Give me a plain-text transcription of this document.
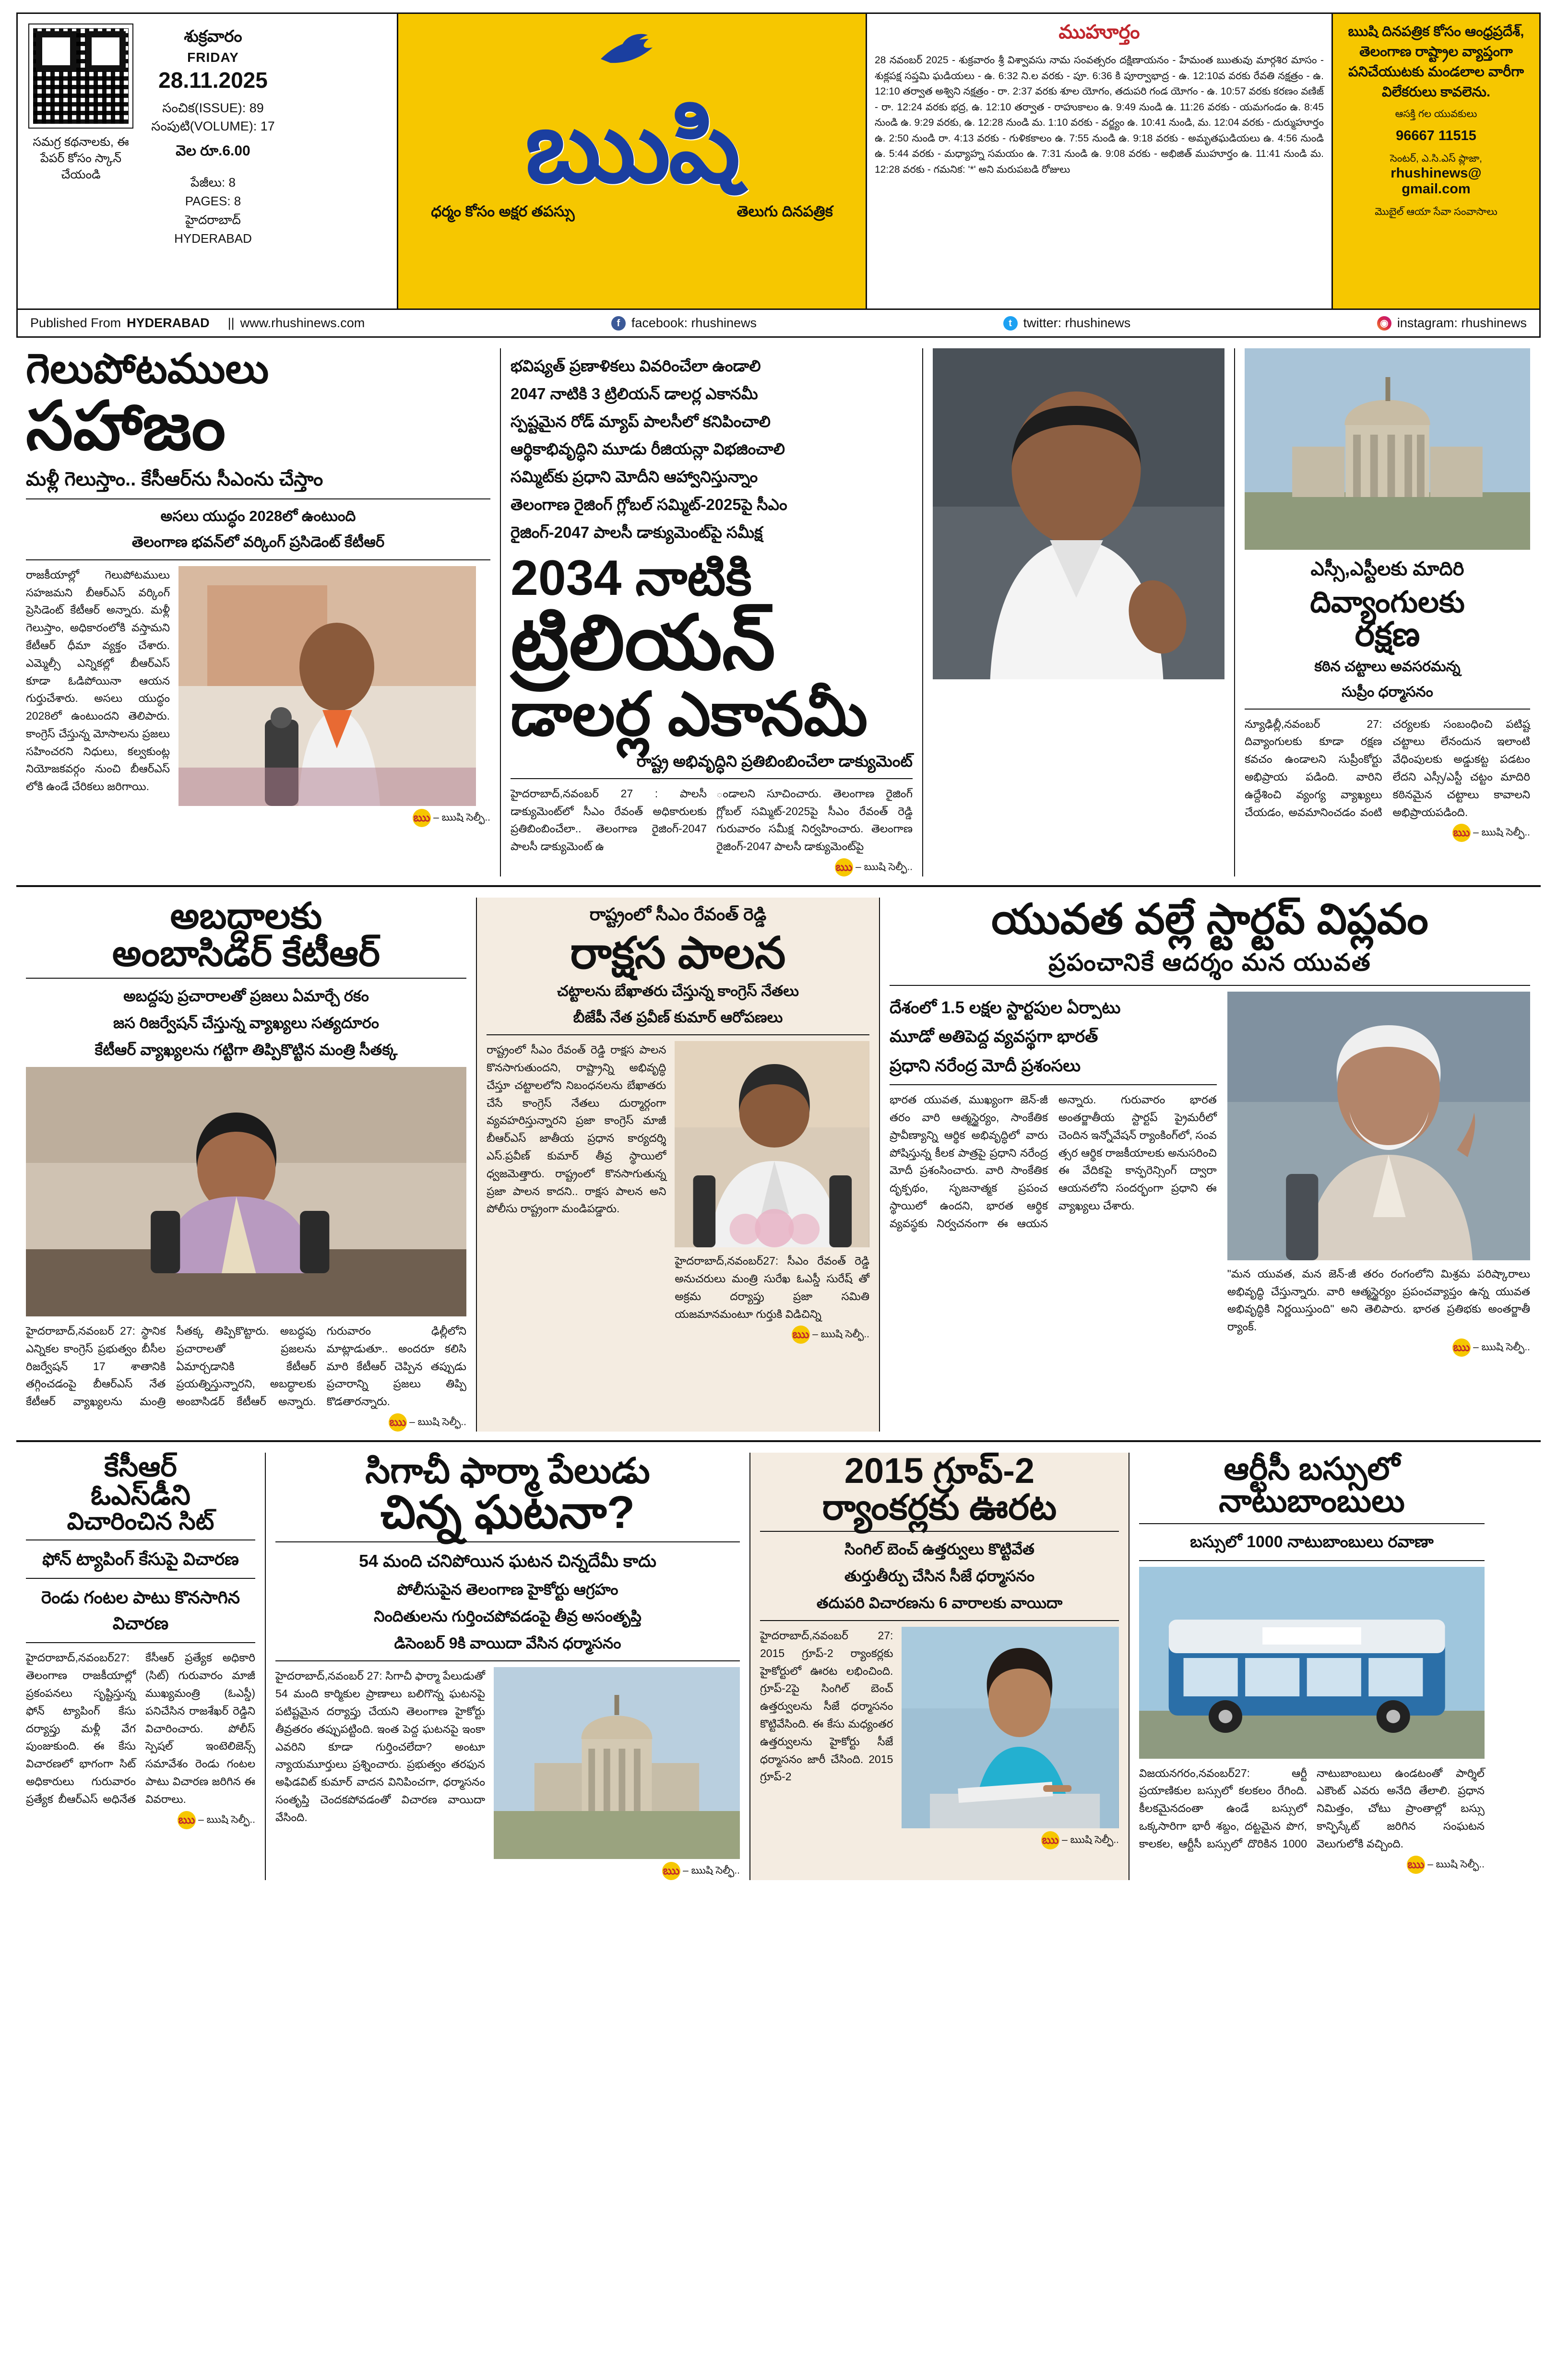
సమగ్ర కథనాలకు, ఈ పేపర్ కోసం స్కాన్ చేయండి
శుక్రవారం
FRIDAY
28.11.2025
సంచిక(ISSUE): 89
సంపుటి(VOLUME): 17
వెల రూ.6.00
పేజీలు: 8
PAGES: 8
హైదరాబాద్
HYDERABAD
ఋషి
ధర్మం కోసం అక్షర తపస్సు	తెలుగు దినపత్రిక
ముహూర్తం
28 నవంబర్ 2025 - శుక్రవారం శ్రీ విశ్వావసు నామ సంవత్సరం దక్షిణాయనం - హేమంత ఋతువు మార్గశిర మాసం - శుక్లపక్ష సప్తమి ఘడియలు - ఉ. 6:32 ని.ల వరకు - పూ. 6:36 కి పూర్వాభాద్ర - ఉ. 12:10వ వరకు రేవతి నక్షత్రం - ఉ. 12:10 తర్వాత అశ్విని నక్షత్రం - రా. 2:37 వరకు శూల యోగం, తదుపరి గండ యోగం - ఉ. 10:57 వరకు కరణం వణిజ్ - రా. 12:24 వరకు భద్ర, ఉ. 12:10 తర్వాత - రాహుకాలం ఉ. 9:49 నుండి ఉ. 11:26 వరకు - యమగండం ఉ. 8:45 నుండి ఉ. 9:29 వరకు, ఉ. 12:28 నుండి మ. 1:10 వరకు - వర్జ్యం ఉ. 10:41 నుండి, మ. 12:04 వరకు - దుర్ముహూర్తం ఉ. 2:50 నుండి రా. 4:13 వరకు - గుళికకాలం ఉ. 7:55 నుండి ఉ. 9:18 వరకు - అమృతఘడియలు ఉ. 4:56 నుండి ఉ. 5:44 వరకు - మధ్యాహ్న సమయం ఉ. 7:31 నుండి ఉ. 9:08 వరకు - అభిజిత్ ముహూర్తం ఉ. 11:41 నుండి మ. 12:28 వరకు - గమనిక: '*' అని మరుపబడి రోజులు
ఋషి దినపత్రిక కోసం ఆంధ్రప్రదేశ్, తెలంగాణ రాష్ట్రాల వ్యాప్తంగా పనిచేయుటకు మండలాల వారీగా విలేకరులు కావలెను.
ఆసక్తి గల యువకులు
96667 11515
సెంటర్, ఎ.సి.ఎస్ ప్లాజా,
rhushinews@
gmail.com
మొబైల్ ఆయా సేవా సంవాసాలు
Published From HYDERABAD || www.rhushinews.com	f facebook: rhushinews	t twitter: rhushinews	◉ instagram: rhushinews
గెలుపోటములు
సహాజం
మళ్లీ గెలుస్తాం.. కేసీఆర్‌ను సీఎంను చేస్తాం
అసలు యుద్ధం 2028లో ఉంటుంది
తెలంగాణ భవన్‌లో వర్కింగ్ ప్రసిడెంట్ కేటీఆర్
రాజకీయాల్లో గెలుపోటములు సహజమని బీఆర్ఎస్ వర్కింగ్ ప్రెసిడెంట్ కేటీఆర్ అన్నారు. మళ్లీ గెలుస్తాం, అధికారంలోకి వస్తామని కేటీఆర్ ధీమా వ్యక్తం చేశారు. ఎమ్మెల్సీ ఎన్నికల్లో బీఆర్ఎస్ కూడా ఓడిపోయినా ఆయన గుర్తుచేశారు. అసలు యుద్ధం 2028లో ఉంటుందని తెలిపారు. కాంగ్రెస్ చేస్తున్న మోసాలను ప్రజలు సహించరని నిధులు, కల్వకుంట్ల నియోజకవర్గం నుంచి బీఆర్ఎస్ లోకి ఉండే చేరికలు జరిగాయి.
ఋ – ఋషి సెల్ఫీ..
భవిష్యత్ ప్రణాళికలు వివరించేలా ఉండాలి
2047 నాటికి 3 ట్రిలియన్ డాలర్ల ఎకానమీ
స్పష్టమైన రోడ్ మ్యాప్ పాలసీలో కనిపించాలి
ఆర్థికాభివృద్ధిని మూడు రీజియన్లా విభజించాలి
సమ్మిట్‌కు ప్రధాని మోదీని ఆహ్వానిస్తున్నాం
తెలంగాణ రైజింగ్ గ్లోబల్ సమ్మిట్-2025పై సీఎం
రైజింగ్-2047 పాలసీ డాక్యుమెంట్‌పై సమీక్ష
2034 నాటికి
ట్రిలియన్
డాలర్ల ఎకానమీ
రాష్ట్ర అభివృద్ధిని ప్రతిబింబించేలా డాక్యుమెంట్
హైదరాబాద్,నవంబర్ 27 : పాలసీ డాక్యుమెంట్‌లో సీఎం రేవంత్ అధికారులకు ప్రతిబింబించేలా.. తెలంగాణ రైజింగ్-2047 పాలసీ డాక్యుమెంట్ ఉ
ండాలని సూచించారు. తెలంగాణ రైజింగ్ గ్లోబల్ సమ్మిట్-2025పై సీఎం రేవంత్ రెడ్డి గురువారం సమీక్ష నిర్వహించారు. తెలంగాణ రైజింగ్-2047 పాలసీ డాక్యుమెంట్‌పై
ఋ – ఋషి సెల్ఫీ..
ఎస్సీ,ఎస్టీలకు మాదిరి
దివ్యాంగులకు
రక్షణ
కఠిన చట్టాలు అవసరమన్న
సుప్రీం ధర్మాసనం
న్యూఢిల్లీ,నవంబర్ 27: దివ్యాంగులకు కూడా రక్షణ కవచం ఉండాలని సుప్రీంకోర్టు అభిప్రాయ పడింది. వారిని ఉద్దేశించి వ్యంగ్య వ్యాఖ్యలు చేయడం, అవమానించడం వంటి చర్యలకు సంబంధించి పటిష్ట చట్టాలు లేనందున ఇలాంటి వేధింపులకు అడ్డుకట్ట పడటం లేదని ఎస్సీ/ఎస్టీ చట్టం మాదిరి కఠినమైన చట్టాలు కావాలని అభిప్రాయపడింది.
ఋ – ఋషి సెల్ఫీ..
అబద్దాలకు
అంబాసిడర్ కేటీఆర్
అబద్దపు ప్రచారాలతో ప్రజలు ఏమార్చే రకం
జస రిజర్వేషన్ చేస్తున్న వ్యాఖ్యలు సత్యదూరం
కేటీఆర్ వ్యాఖ్యలను గట్టిగా తిప్పికొట్టిన మంత్రి సీతక్క
హైదరాబాద్,నవంబర్ 27: స్థానిక ఎన్నికల కాంగ్రెస్ ప్రభుత్వం బీసీల రిజర్వేషన్ 17 శాతానికి తగ్గించడంపై బీఆర్ఎస్ నేత కేటీఆర్ వ్యాఖ్యలను మంత్రి సీతక్క తిప్పికొట్టారు. అబద్ధపు ప్రచారాలతో ప్రజలను ఏమార్చడానికి కేటీఆర్ ప్రయత్నిస్తున్నారని, అబద్ధాలకు అంబాసిడర్ కేటీఆర్ అన్నారు. గురువారం ఢిల్లీలోని మాట్లాడుతూ.. అందరూ కలిసి మారి కేటీఆర్ చెప్పిన తప్పుడు ప్రచారాన్ని ప్రజలు తిప్పి కొడతారన్నారు.
ఋ – ఋషి సెల్ఫీ..
రాష్ట్రంలో సీఎం రేవంత్ రెడ్డి
రాక్షస పాలన
చట్టాలను బేఖాతరు చేస్తున్న కాంగ్రెస్ నేతలు
బీజేపీ నేత ప్రవీణ్ కుమార్ ఆరోపణలు
రాష్ట్రంలో సీఎం రేవంత్ రెడ్డి రాక్షస పాలన కొనసాగుతుందని, రాష్ట్రాన్ని అభివృద్ధి చేస్తూ చట్టాలలోని నిబంధనలను బేఖాతరు చేసే కాంగ్రెస్ నేతలు దుర్మార్గంగా వ్యవహరిస్తున్నారని ప్రజా కాంగ్రెస్ మాజీ బీఆర్ఎస్ జాతీయ ప్రధాన కార్యదర్శి ఎస్.ప్రవీణ్ కుమార్ తీవ్ర స్థాయిలో ధ్వజమెత్తారు. రాష్ట్రంలో కొనసాగుతున్న ప్రజా పాలన కాదని.. రాక్షస పాలన అని పోలీసు రాష్ట్రంగా మండిపడ్డారు.
హైదరాబాద్,నవంబర్27: సీఎం రేవంత్ రెడ్డి అనుచరులు మంత్రి సురేఖ ఓఎస్డీ సురేష్ తో అక్రమ దర్యాప్తు ప్రజా సమితి యజమానమంటూ గుర్తుకి విడిచిన్ని
ఋ – ఋషి సెల్ఫీ..
యువత వల్లే స్టార్టప్ విప్లవం
ప్రపంచానికే ఆదర్శం మన యువత
దేశంలో 1.5 లక్షల స్టార్టపుల ఏర్పాటు
మూడో అతిపెద్ద వ్యవస్థగా భారత్
ప్రధాని నరేంద్ర మోదీ ప్రశంసలు
భారత యువత, ముఖ్యంగా జెన్-జీ తరం వారి ఆత్మస్థైర్యం, సాంకేతిక ప్రావీణ్యాన్ని ఆర్థిక అభివృద్ధిలో వారు పోషిస్తున్న కీలక పాత్రపై ప్రధాని నరేంద్ర మోదీ ప్రశంసించారు. వారి సాంకేతిక దృక్పథం, సృజనాత్మక ప్రపంచ స్థాయిలో ఉందని, భారత ఆర్థిక వ్యవస్థకు నిర్వచనంగా ఈ ఆయన అన్నారు. గురువారం భారత అంతర్జాతీయ స్టార్టప్ ప్రైమరీలో చెందిన ఇన్నోవేషన్ ర్యాంకింగ్‌లో, సంవ త్సర ఆర్థిక రాజకీయాలకు అనుసరించి ఈ వేదికపై కాన్ఫరెన్సింగ్ ద్వారా ఆయనలోని సందర్భంగా ప్రధాని ఈ వ్యాఖ్యలు చేశారు.
"మన యువత, మన జెన్-జీ తరం రంగంలోని మిశ్రమ పరిష్కారాలు అభివృద్ధి చేస్తున్నారు. వారి ఆత్మస్థైర్యం ప్రపంచవ్యాప్తం ఉన్న యువత అభివృద్ధికి నిర్ణయిస్తుంది" అని తెలిపారు. భారత ప్రతిభకు అంతర్జాతీ ర్యాంక్.
ఋ – ఋషి సెల్ఫీ..
కేసీఆర్
ఓఎస్‌డీని
విచారించిన సిట్
ఫోన్ ట్యాపింగ్ కేసుపై విచారణ
రెండు గంటల పాటు కొనసాగిన విచారణ
హైదరాబాద్,నవంబర్27: తెలంగాణ రాజకీయాల్లో ప్రకంపనలు సృష్టిస్తున్న ఫోన్ ట్యాపింగ్ కేసు దర్యాప్తు మళ్లీ వేగ పుంజుకుంది. ఈ కేసు విచారణలో భాగంగా సిట్ అధికారులు గురువారం ప్రత్యేక బీఆర్ఎస్ అధినేత కేసీఆర్ ప్రత్యేక అధికారి (సిట్) గురువారం మాజీ ముఖ్యమంత్రి (ఓఎస్డీ) పనిచేసిన రాజశేఖర్ రెడ్డిని విచారించారు. పోలీస్ స్పెషల్ ఇంటెలిజెన్స్ సమావేశం రెండు గంటల పాటు విచారణ జరిగిన ఈ వివరాలు.
ఋ – ఋషి సెల్ఫీ..
సిగాచీ ఫార్మా పేలుడు
చిన్న ఘటనా?
54 మంది చనిపోయిన ఘటన చిన్నదేమీ కాదు
పోలీసుపైన తెలంగాణ హైకోర్టు ఆగ్రహం
నిందితులను గుర్తించపోవడంపై తీవ్ర అసంతృప్తి
డిసెంబర్ 9కి వాయిదా వేసిన ధర్మాసనం
హైదరాబాద్,నవంబర్ 27: సిగాచీ ఫార్మా పేలుడుతో 54 మంది కార్మికుల ప్రాణాలు బలిగొన్న ఘటనపై పటిష్టమైన దర్యాప్తు చేయని తెలంగాణ హైకోర్టు తీవ్రతరం తప్పుపట్టింది. ఇంత పెద్ద ఘటనపై ఇంకా ఎవరిని కూడా గుర్తించలేదా? అంటూ న్యాయమూర్తులు ప్రశ్నించారు. ప్రభుత్వం తరఫున అఫిడవిట్ కుమార్ వాదన వినిపించగా, ధర్మాసనం సంతృప్తి చెందకపోవడంతో విచారణ వాయిదా వేసింది.
ఋ – ఋషి సెల్ఫీ..
2015 గ్రూప్-2
ర్యాంకర్లకు ఊరట
సింగిల్ బెంచ్ ఉత్తర్వులు కొట్టివేత
తుర్తుతీర్పు చేసిన సీజే ధర్మాసనం
తదుపరి విచారణను 6 వారాలకు వాయిదా
హైదరాబాద్,నవంబర్ 27: 2015 గ్రూప్-2 ర్యాంకర్లకు హైకోర్టులో ఊరట లభించింది. గ్రూప్-2పై సింగిల్ బెంచ్ ఉత్తర్వులను సీజే ధర్మాసనం కొట్టివేసింది. ఈ కేసు మధ్యంతర ఉత్తర్వులను హైకోర్టు సీజే ధర్మాసనం జారీ చేసింది. 2015 గ్రూప్-2
ఋ – ఋషి సెల్ఫీ..
ఆర్టీసీ బస్సులో
నాటుబాంబులు
బస్సులో 1000 నాటుబాంబులు రవాణా
విజయనగరం,నవంబర్27: ఆర్టీ ప్రయాణికుల బస్సులో కలకలం రేగింది. కీలకమైనదంతా ఉండే బస్సులో ఒక్కసారిగా భారీ శబ్దం, దట్టమైన పొగ, కాలకల, ఆర్టీసీ బస్సులో దొరికిన 1000 నాటుబాంబులు ఉండటంతో పార్శిల్ ఎకౌంట్ ఎవరు అనేది తేలాలి. ప్రధాన నిమిత్తం, చోటు ప్రాంతాల్లో బస్సు కాన్ఫిస్కేట్ జరిగిన సంఘటన వెలుగులోకి వచ్చింది.
ఋ – ఋషి సెల్ఫీ..
